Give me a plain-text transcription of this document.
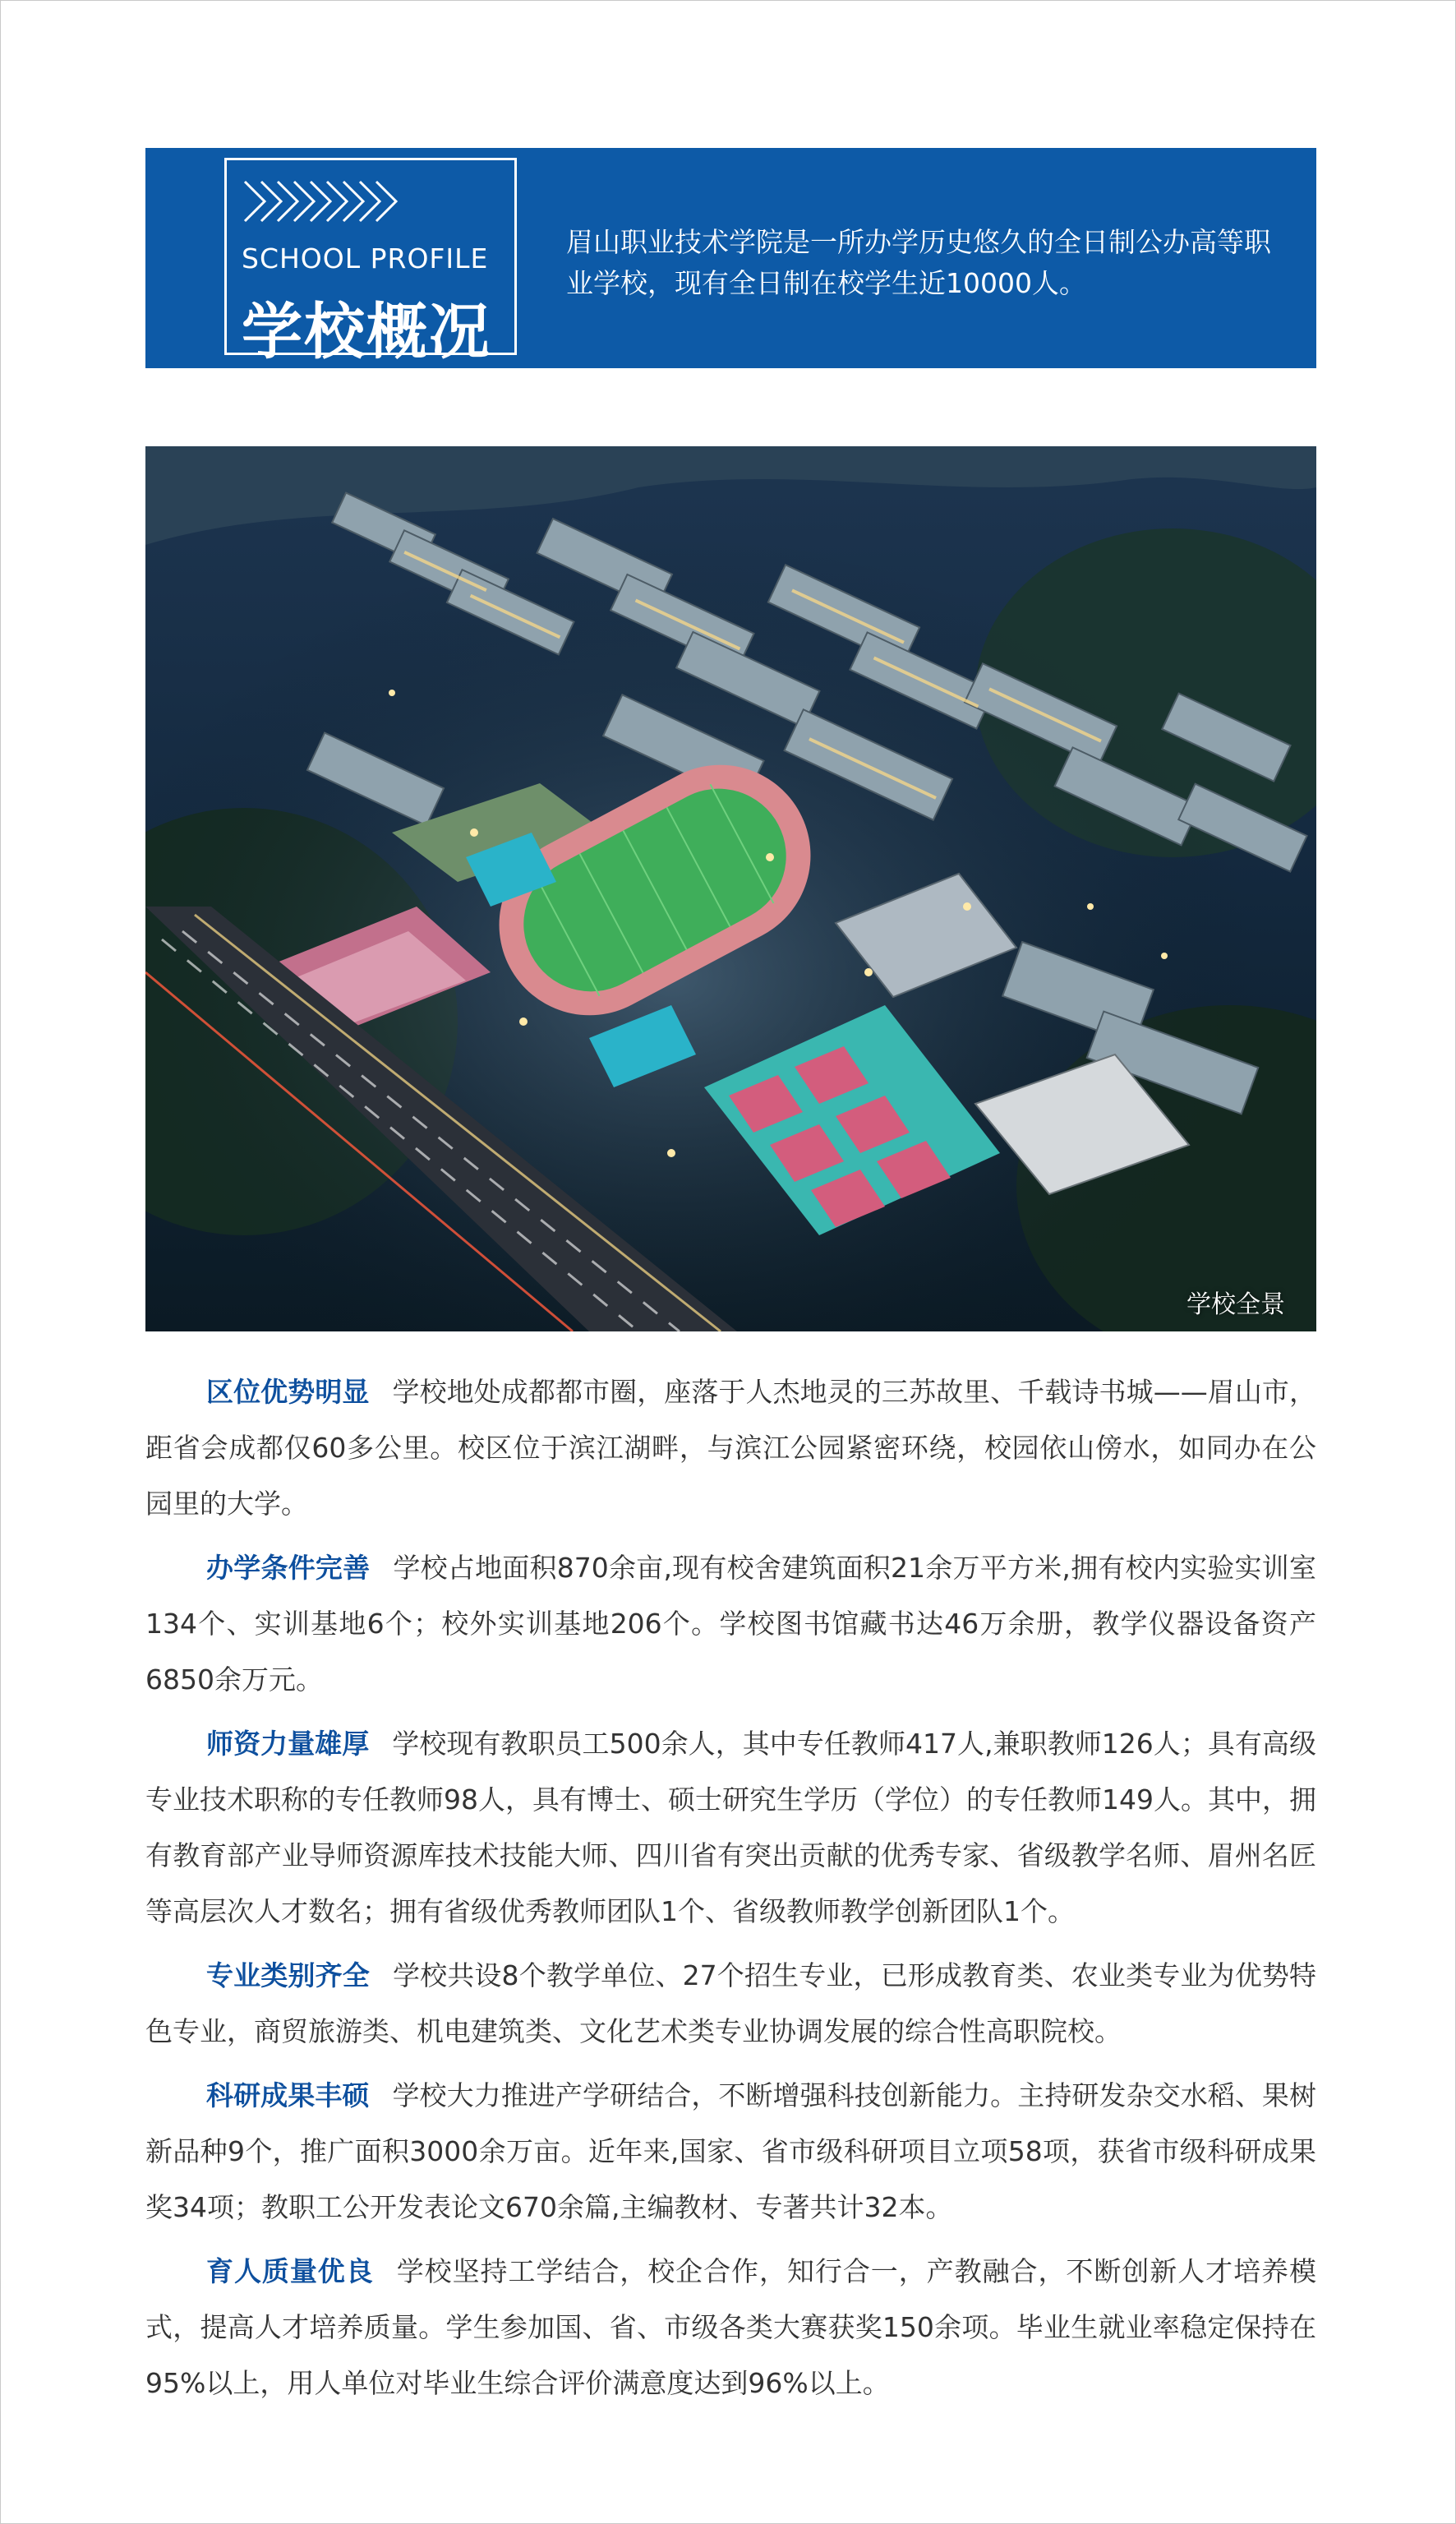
SCHOOL PROFILE
学校概况

眉山职业技术学院是一所办学历史悠久的全日制公办高等职业学校，现有全日制在校学生近10000人。

学校全景

区位优势明显 学校地处成都都市圈，座落于人杰地灵的三苏故里、千载诗书城——眉山市，距省会成都仅60多公里。校区位于滨江湖畔，与滨江公园紧密环绕，校园依山傍水，如同办在公园里的大学。

办学条件完善 学校占地面积870余亩,现有校舍建筑面积21余万平方米,拥有校内实验实训室134个、实训基地6个；校外实训基地206个。学校图书馆藏书达46万余册，教学仪器设备资产6850余万元。

师资力量雄厚 学校现有教职员工500余人，其中专任教师417人,兼职教师126人；具有高级专业技术职称的专任教师98人，具有博士、硕士研究生学历（学位）的专任教师149人。其中，拥有教育部产业导师资源库技术技能大师、四川省有突出贡献的优秀专家、省级教学名师、眉州名匠等高层次人才数名；拥有省级优秀教师团队1个、省级教师教学创新团队1个。

专业类别齐全 学校共设8个教学单位、27个招生专业，已形成教育类、农业类专业为优势特色专业，商贸旅游类、机电建筑类、文化艺术类专业协调发展的综合性高职院校。

科研成果丰硕 学校大力推进产学研结合，不断增强科技创新能力。主持研发杂交水稻、果树新品种9个，推广面积3000余万亩。近年来,国家、省市级科研项目立项58项，获省市级科研成果奖34项；教职工公开发表论文670余篇,主编教材、专著共计32本。

育人质量优良 学校坚持工学结合，校企合作，知行合一，产教融合，不断创新人才培养模式，提高人才培养质量。学生参加国、省、市级各类大赛获奖150余项。毕业生就业率稳定保持在95%以上，用人单位对毕业生综合评价满意度达到96%以上。
